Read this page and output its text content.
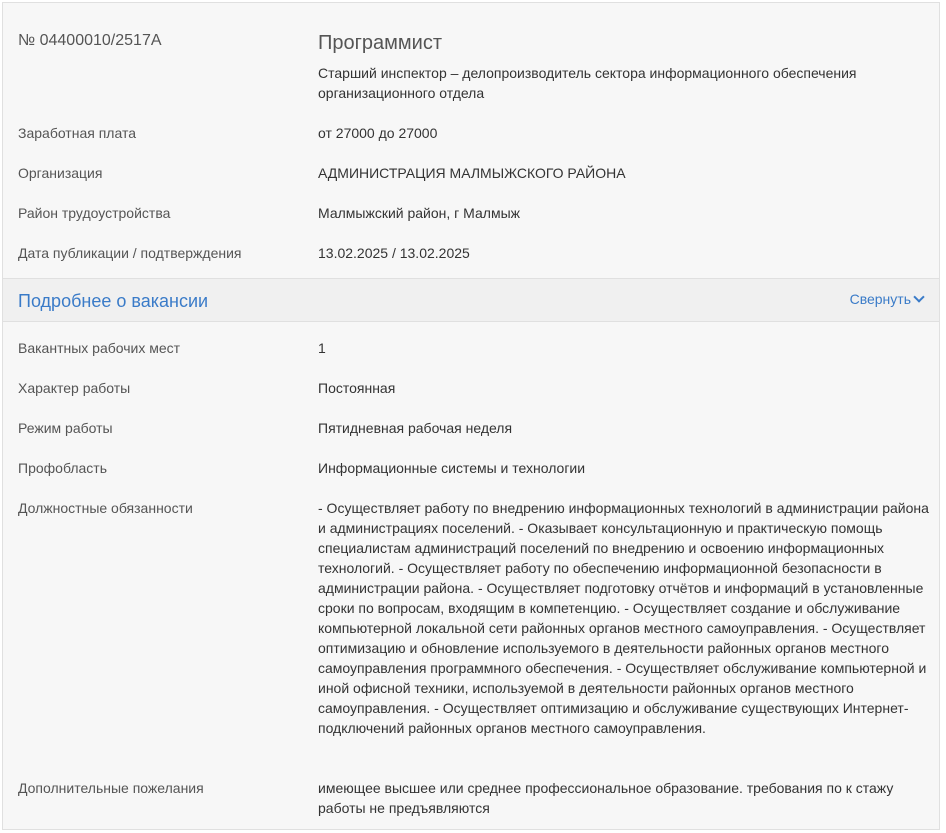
№ 04400010/2517А	Программист
Старший инспектор – делопроизводитель сектора информационного обеспечения организационного отдела
Заработная плата	от 27000 до 27000
Организация	АДМИНИСТРАЦИЯ МАЛМЫЖСКОГО РАЙОНА
Район трудоустройства	Малмыжский район, г Малмыж
Дата публикации / подтверждения	13.02.2025 / 13.02.2025
Подробнее о вакансии	Свернуть
Вакантных рабочих мест	1
Характер работы	Постоянная
Режим работы	Пятидневная рабочая неделя
Профобласть	Информационные системы и технологии
Должностные обязанности	- Осуществляет работу по внедрению информационных технологий в администрации района и администрациях поселений. - Оказывает консультационную и практическую помощь специалистам администраций поселений по внедрению и освоению информационных технологий. - Осуществляет работу по обеспечению информационной безопасности в администрации района. - Осуществляет подготовку отчётов и информаций в установленные сроки по вопросам, входящим в компетенцию. - Осуществляет создание и обслуживание компьютерной локальной сети районных органов местного самоуправления. - Осуществляет оптимизацию и обновление используемого в деятельности районных органов местного самоуправления программного обеспечения. - Осуществляет обслуживание компьютерной и иной офисной техники, используемой в деятельности районных органов местного самоуправления. - Осуществляет оптимизацию и обслуживание существующих Интернет-подключений районных органов местного самоуправления.
Дополнительные пожелания	имеющее высшее или среднее профессиональное образование. требования по к стажу работы не предъявляются
